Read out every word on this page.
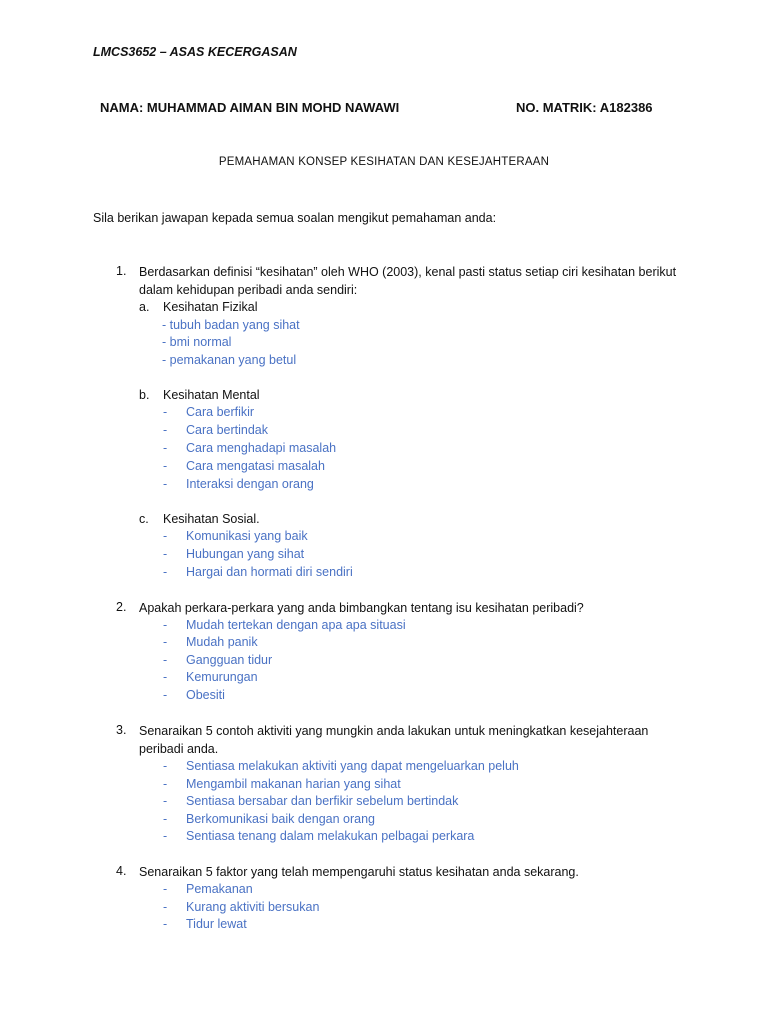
LMCS3652 – ASAS KECERGASAN
NAMA: MUHAMMAD AIMAN BIN MOHD NAWAWI	NO. MATRIK: A182386
PEMAHAMAN KONSEP KESIHATAN DAN KESEJAHTERAAN
Sila berikan jawapan kepada semua soalan mengikut pemahaman anda:
1. Berdasarkan definisi “kesihatan” oleh WHO (2003), kenal pasti status setiap ciri kesihatan berikut dalam kehidupan peribadi anda sendiri:
a. Kesihatan Fizikal
- tubuh badan yang sihat
- bmi normal
- pemakanan yang betul
b. Kesihatan Mental
- Cara berfikir
- Cara bertindak
- Cara menghadapi masalah
- Cara mengatasi masalah
- Interaksi dengan orang
c. Kesihatan Sosial.
- Komunikasi yang baik
- Hubungan yang sihat
- Hargai dan hormati diri sendiri
2. Apakah perkara-perkara yang anda bimbangkan tentang isu kesihatan peribadi?
- Mudah tertekan dengan apa apa situasi
- Mudah panik
- Gangguan tidur
- Kemurungan
- Obesiti
3. Senaraikan 5 contoh aktiviti yang mungkin anda lakukan untuk meningkatkan kesejahteraan peribadi anda.
- Sentiasa melakukan aktiviti yang dapat mengeluarkan peluh
- Mengambil makanan harian yang sihat
- Sentiasa bersabar dan berfikir sebelum bertindak
- Berkomunikasi baik dengan orang
- Sentiasa tenang dalam melakukan pelbagai perkara
4. Senaraikan 5 faktor yang telah mempengaruhi status kesihatan anda sekarang.
- Pemakanan
- Kurang aktiviti bersukan
- Tidur lewat
